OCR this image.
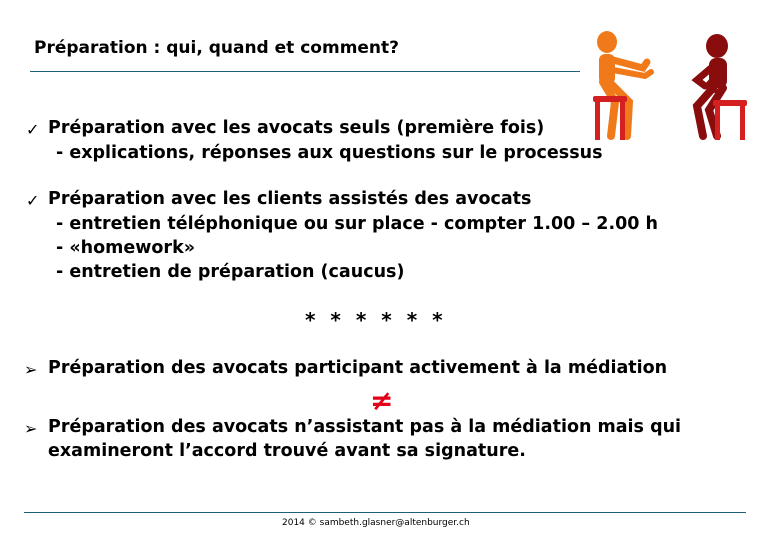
Préparation : qui, quand et comment?
✓ Préparation avec les avocats seuls (première fois)
- explications, réponses aux questions sur le processus
✓ Préparation avec les clients assistés des avocats
- entretien téléphonique ou sur place - compter 1.00 – 2.00 h
- «homework»
- entretien de préparation (caucus)
* * * * * *
➢ Préparation des avocats participant activement à la médiation
≠
➢ Préparation des avocats n’assistant pas à la médiation mais qui
examineront l’accord trouvé avant sa signature.
2014 © sambeth.glasner@altenburger.ch
